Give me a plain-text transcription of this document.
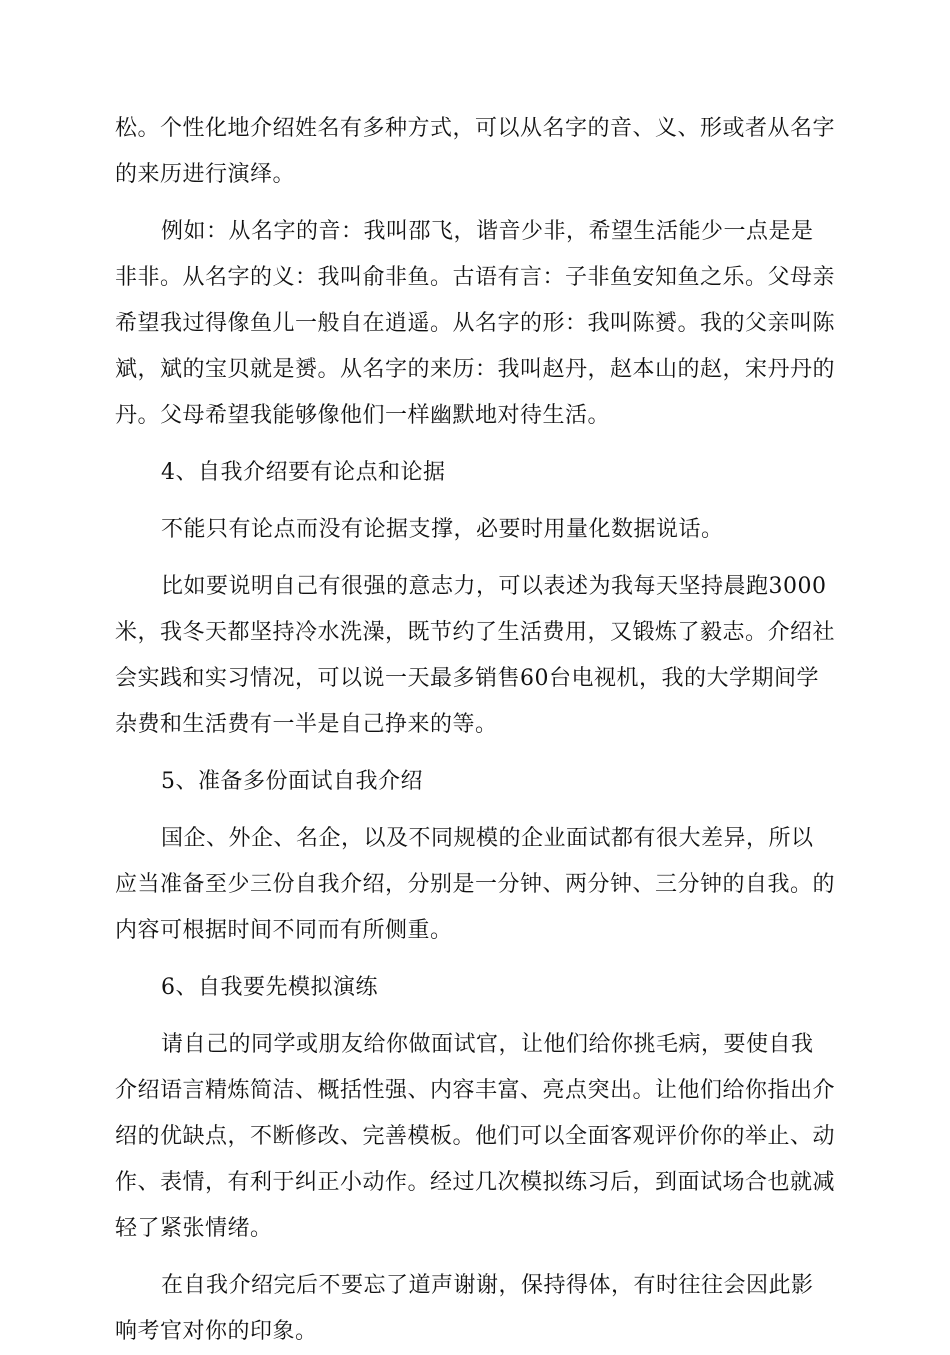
松。个性化地介绍姓名有多种方式，可以从名字的音、义、形或者从名字的来历进行演绎。

例如：从名字的音：我叫邵飞，谐音少非，希望生活能少一点是是非非。从名字的义：我叫俞非鱼。古语有言：子非鱼安知鱼之乐。父母亲希望我过得像鱼儿一般自在逍遥。从名字的形：我叫陈赟。我的父亲叫陈斌，斌的宝贝就是赟。从名字的来历：我叫赵丹，赵本山的赵，宋丹丹的丹。父母希望我能够像他们一样幽默地对待生活。

4、自我介绍要有论点和论据

不能只有论点而没有论据支撑，必要时用量化数据说话。

比如要说明自己有很强的意志力，可以表述为我每天坚持晨跑3000米，我冬天都坚持冷水洗澡，既节约了生活费用，又锻炼了毅志。介绍社会实践和实习情况，可以说一天最多销售60台电视机，我的大学期间学杂费和生活费有一半是自己挣来的等。

5、准备多份面试自我介绍

国企、外企、名企，以及不同规模的企业面试都有很大差异，所以应当准备至少三份自我介绍，分别是一分钟、两分钟、三分钟的自我。的内容可根据时间不同而有所侧重。

6、自我要先模拟演练

请自己的同学或朋友给你做面试官，让他们给你挑毛病，要使自我介绍语言精炼简洁、概括性强、内容丰富、亮点突出。让他们给你指出介绍的优缺点，不断修改、完善模板。他们可以全面客观评价你的举止、动作、表情，有利于纠正小动作。经过几次模拟练习后，到面试场合也就减轻了紧张情绪。

在自我介绍完后不要忘了道声谢谢，保持得体，有时往往会因此影响考官对你的印象。
